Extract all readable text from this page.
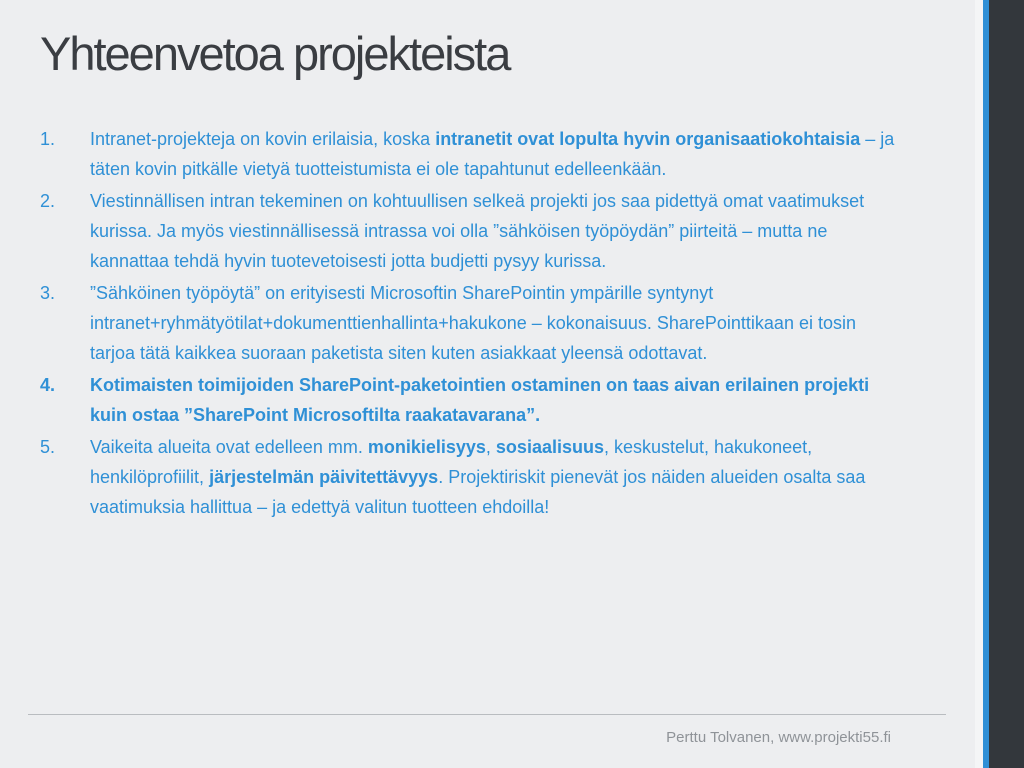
Yhteenvetoa projekteista
1. Intranet-projekteja on kovin erilaisia, koska intranetit ovat lopulta hyvin organisaatiokohtaisia – ja täten kovin pitkälle vietyä tuotteistumista ei ole tapahtunut edelleenkään.
2. Viestinnällisen intran tekeminen on kohtuullisen selkeä projekti jos saa pidettyä omat vaatimukset kurissa. Ja myös viestinnällisessä intrassa voi olla ”sähköisen työpöydän” piirteitä – mutta ne kannattaa tehdä hyvin tuotevetoisesti jotta budjetti pysyy kurissa.
3. ”Sähköinen työpöytä” on erityisesti Microsoftin SharePointin ympärille syntynyt intranet+ryhmätyötilat+dokumenttienhallinta+hakukone – kokonaisuus. SharePointtikaan ei tosin tarjoa tätä kaikkea suoraan paketista siten kuten asiakkaat yleensä odottavat.
4. Kotimaisten toimijoiden SharePoint-paketointien ostaminen on taas aivan erilainen projekti kuin ostaa ”SharePoint Microsoftilta raakatavarana”.
5. Vaikeita alueita ovat edelleen mm. monikielisyys, sosiaalisuus, keskustelut, hakukoneet, henkilöprofiilit, järjestelmän päivitettävyys. Projektiriskit pienevät jos näiden alueiden osalta saa vaatimuksia hallittua – ja edettyä valitun tuotteen ehdoilla!
Perttu Tolvanen, www.projekti55.fi
